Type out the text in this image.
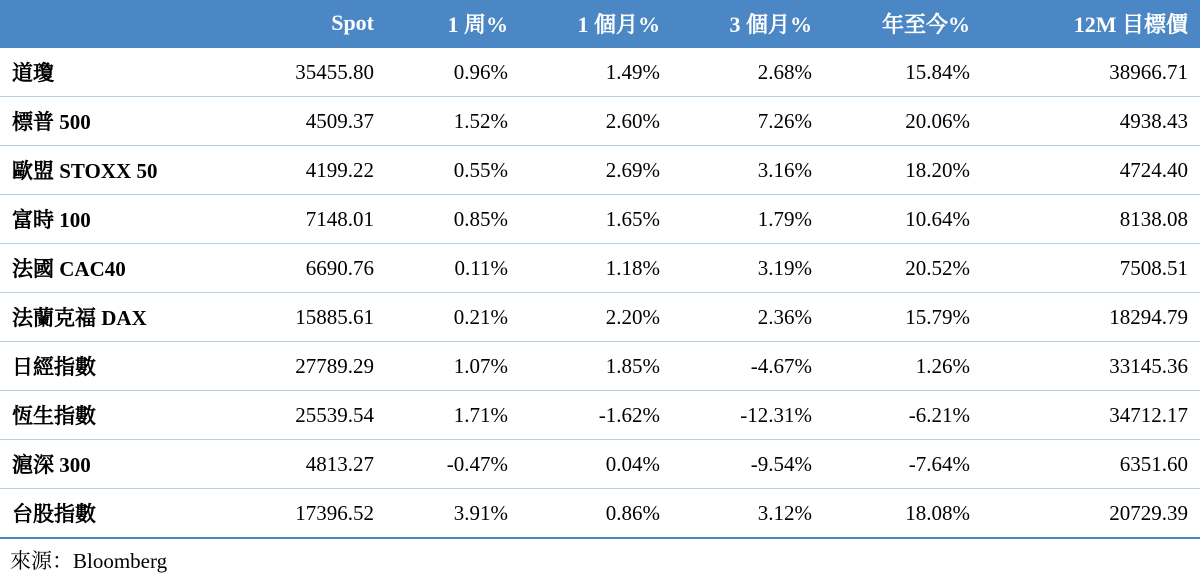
	Spot	1 周%	1 個月%	3 個月%	年至今%	12M 目標價
道瓊	35455.80	0.96%	1.49%	2.68%	15.84%	38966.71
標普 500	4509.37	1.52%	2.60%	7.26%	20.06%	4938.43
歐盟 STOXX 50	4199.22	0.55%	2.69%	3.16%	18.20%	4724.40
富時 100	7148.01	0.85%	1.65%	1.79%	10.64%	8138.08
法國 CAC40	6690.76	0.11%	1.18%	3.19%	20.52%	7508.51
法蘭克福 DAX	15885.61	0.21%	2.20%	2.36%	15.79%	18294.79
日經指數	27789.29	1.07%	1.85%	-4.67%	1.26%	33145.36
恆生指數	25539.54	1.71%	-1.62%	-12.31%	-6.21%	34712.17
滬深 300	4813.27	-0.47%	0.04%	-9.54%	-7.64%	6351.60
台股指數	17396.52	3.91%	0.86%	3.12%	18.08%	20729.39
來源：Bloomberg
